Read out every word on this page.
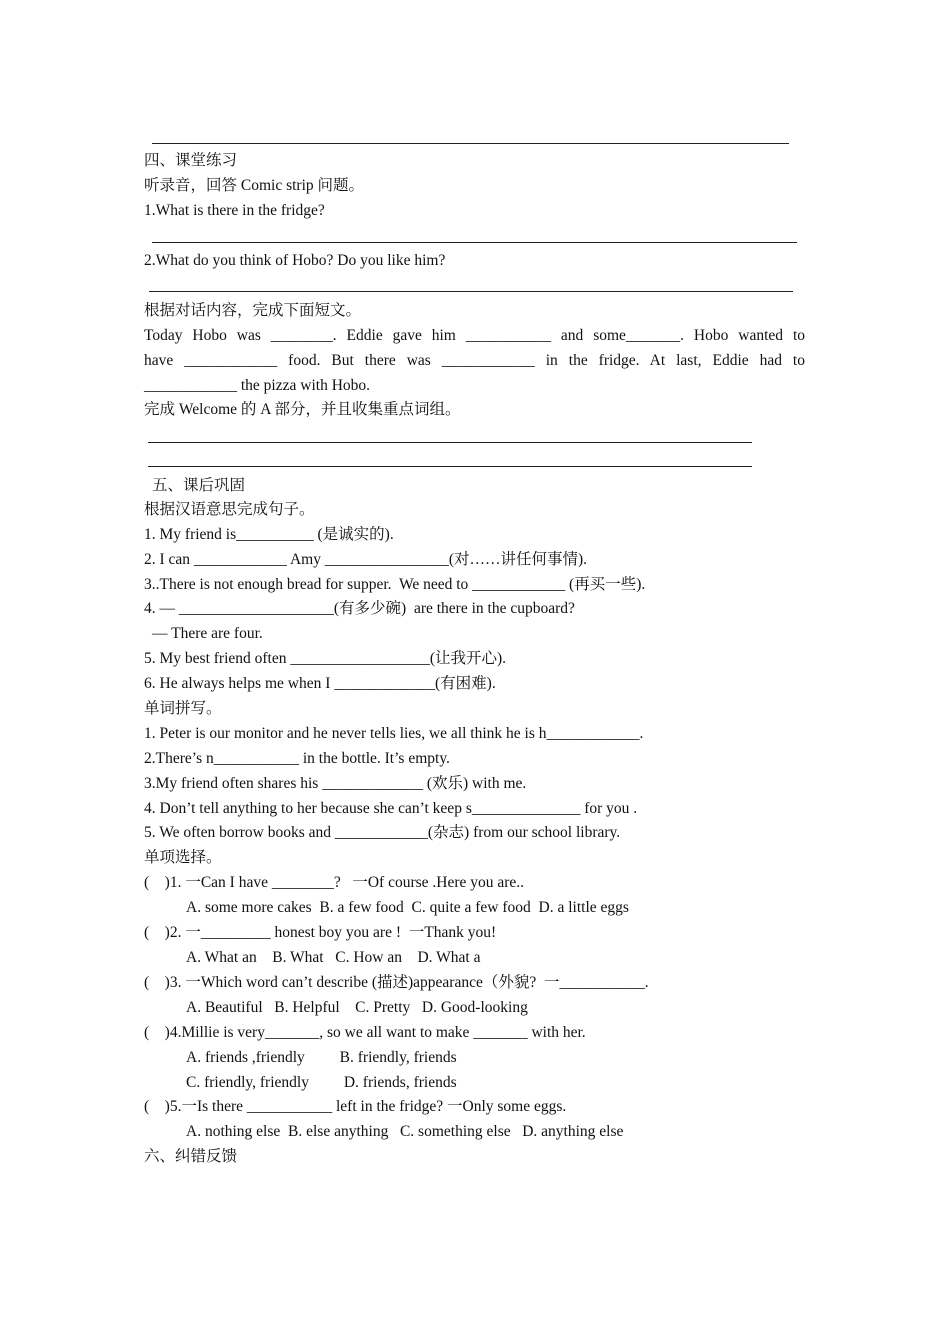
四、课堂练习
听录音，回答 Comic strip 问题。
1.What is there in the fridge?
2.What do you think of Hobo? Do you like him?
根据对话内容，完成下面短文。
Today Hobo was ________. Eddie gave him ___________ and some_______. Hobo wanted to
have ____________ food. But there was ____________ in the fridge. At last, Eddie had to
____________ the pizza with Hobo.
完成 Welcome 的 A 部分，并且收集重点词组。
五、课后巩固
根据汉语意思完成句子。
1. My friend is__________ (是诚实的).
2. I can ____________ Amy ________________(对……讲任何事情).
3..There is not enough bread for supper.  We need to ____________ (再买一些).
4. — ____________________(有多少碗)  are there in the cupboard?
— There are four.
5. My best friend often __________________(让我开心).
6. He always helps me when I _____________(有困难).
单词拼写。
1. Peter is our monitor and he never tells lies, we all think he is h____________.
2.There’s n___________ in the bottle. It’s empty.
3.My friend often shares his _____________ (欢乐) with me.
4. Don’t tell anything to her because she can’t keep s______________ for you .
5. We often borrow books and ____________(杂志) from our school library.
单项选择。
(    )1. 一Can I have ________?   一Of course .Here you are..
A. some more cakes  B. a few food  C. quite a few food  D. a little eggs
(    )2. 一_________ honest boy you are !  一Thank you!
A. What an    B. What   C. How an    D. What a
(    )3. 一Which word can’t describe (描述)appearance（外貌?  一___________.
A. Beautiful   B. Helpful    C. Pretty   D. Good-looking
(    )4.Millie is very_______, so we all want to make _______ with her.
A. friends ,friendly         B. friendly, friends
C. friendly, friendly         D. friends, friends
(    )5.一Is there ___________ left in the fridge? 一Only some eggs.
A. nothing else  B. else anything   C. something else   D. anything else
六、纠错反馈
